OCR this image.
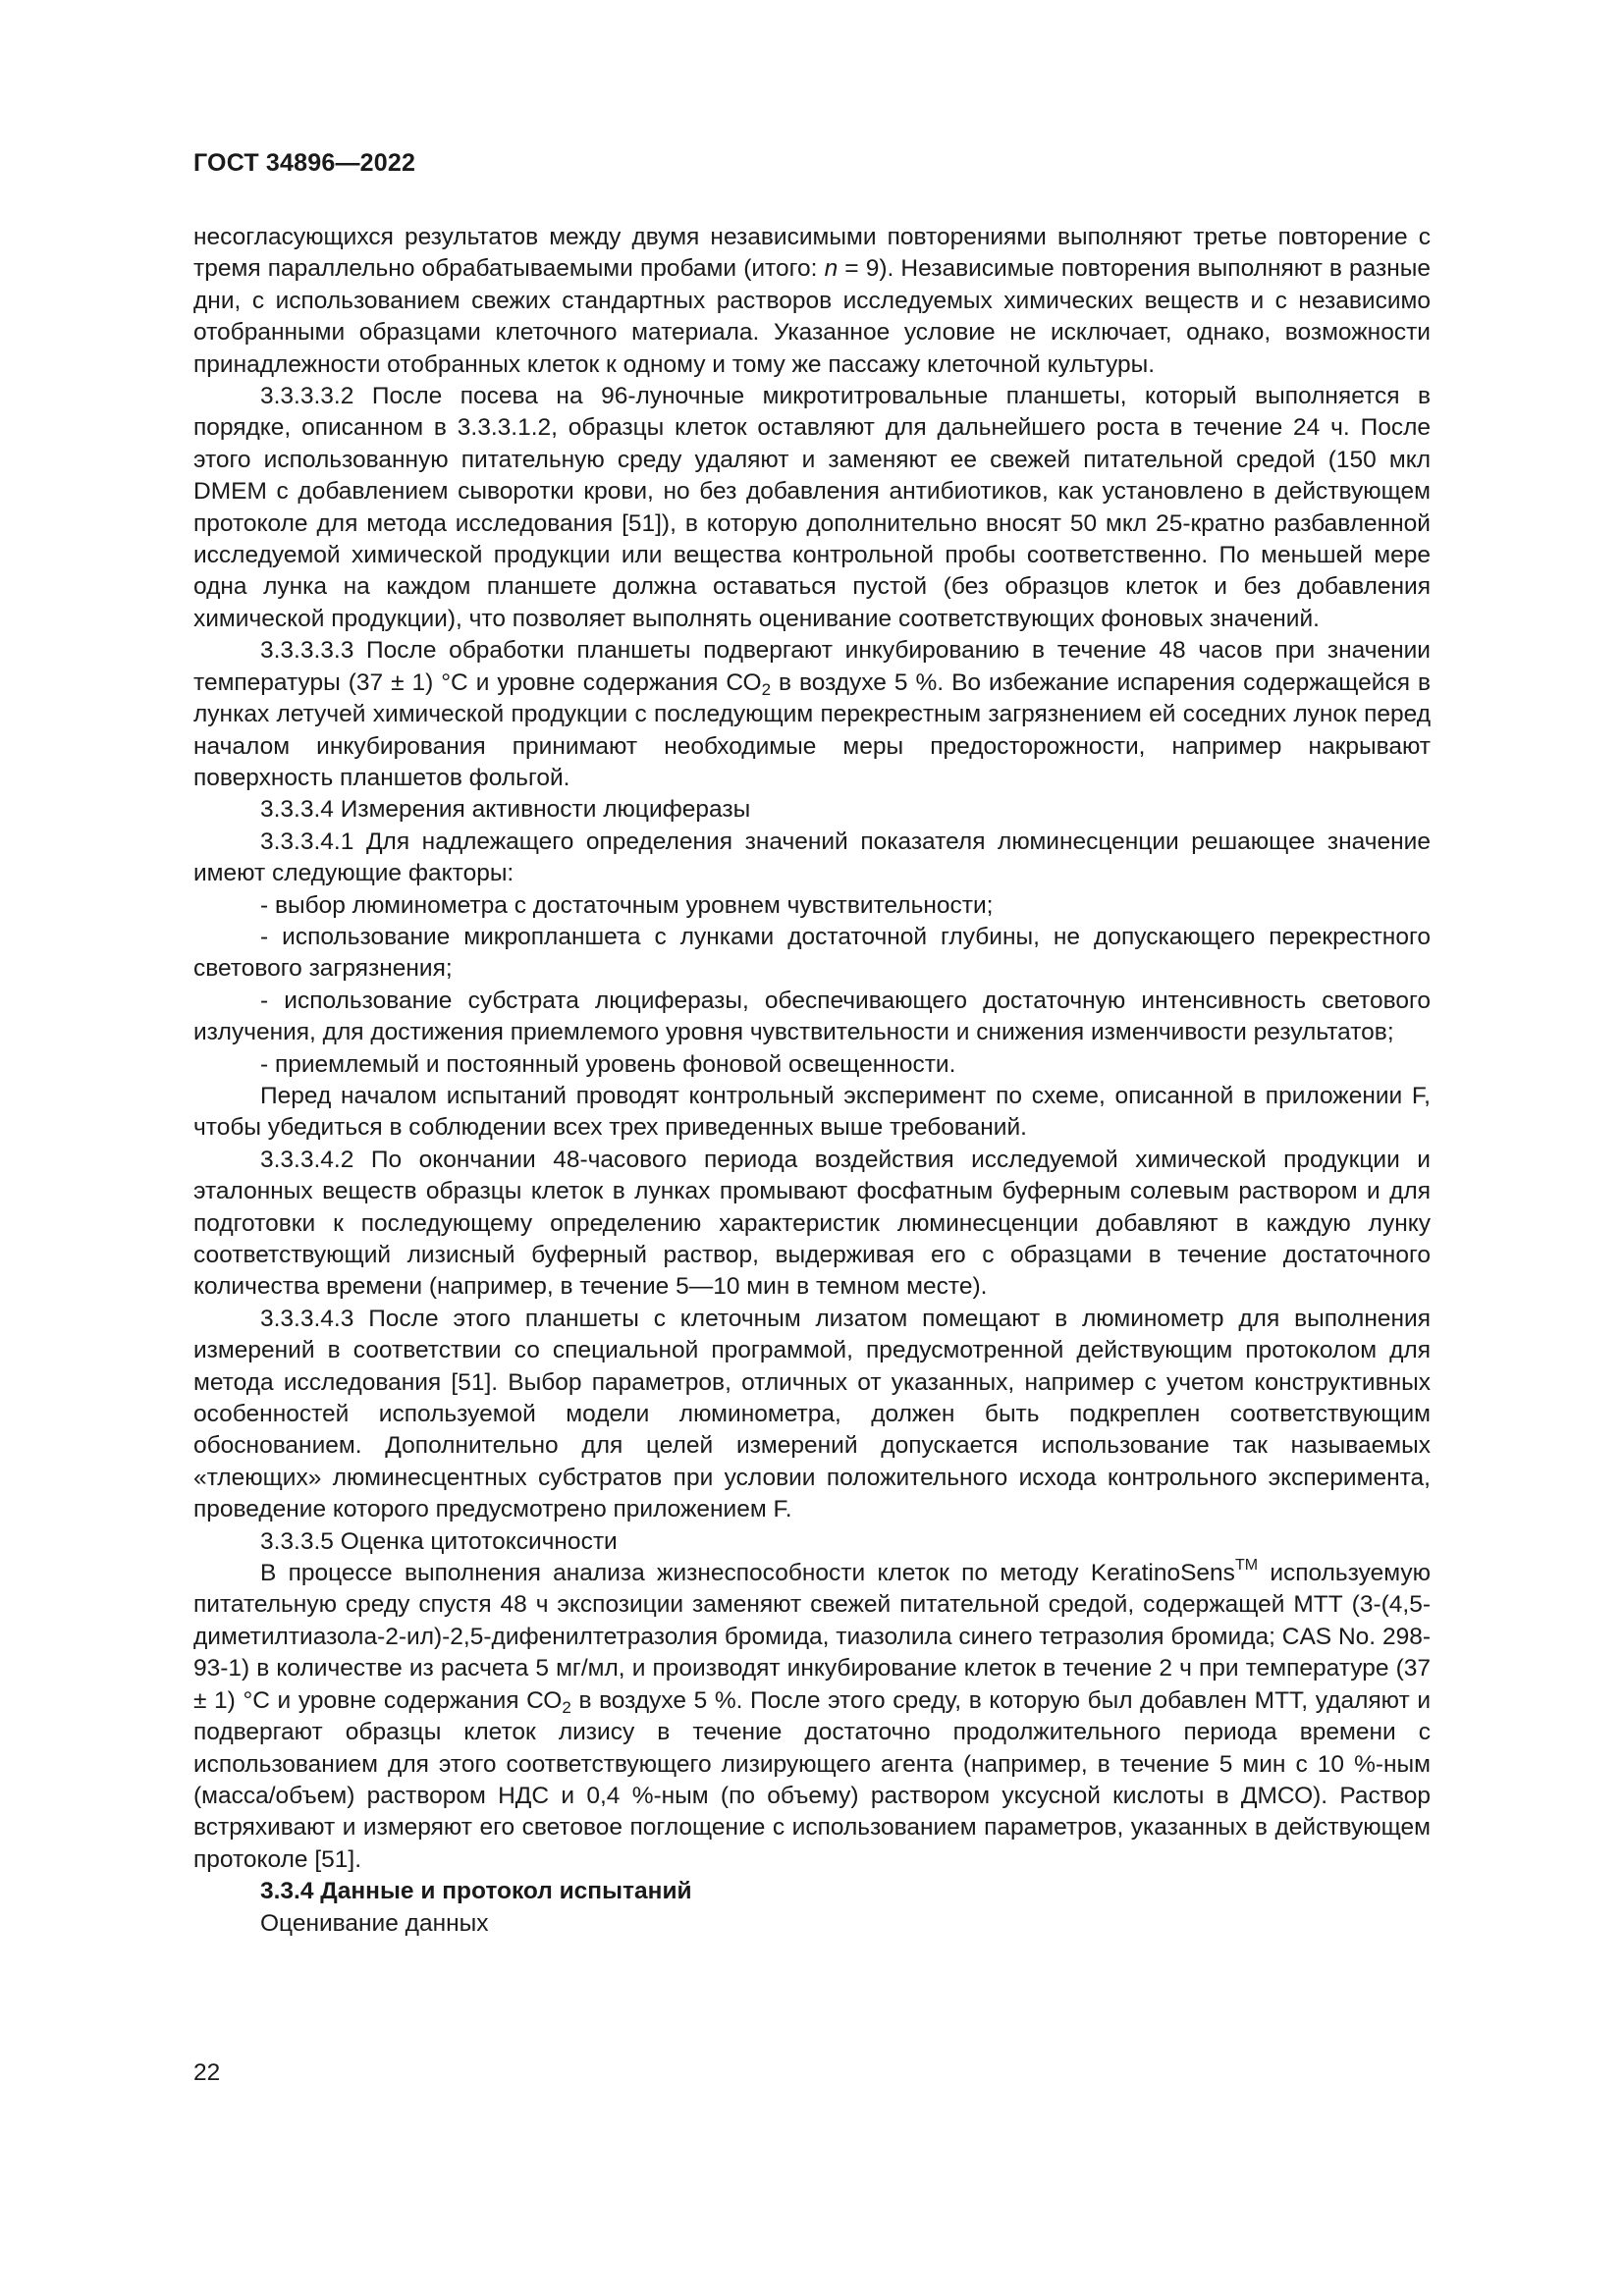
ГОСТ 34896—2022

несогласующихся результатов между двумя независимыми повторениями выполняют третье повторение с тремя параллельно обрабатываемыми пробами (итого: n = 9). Независимые повторения выполняют в разные дни, с использованием свежих стандартных растворов исследуемых химических веществ и с независимо отобранными образцами клеточного материала. Указанное условие не исключает, однако, возможности принадлежности отобранных клеток к одному и тому же пассажу клеточной культуры.

3.3.3.3.2 После посева на 96-луночные микротитровальные планшеты, который выполняется в порядке, описанном в 3.3.3.1.2, образцы клеток оставляют для дальнейшего роста в течение 24 ч. После этого использованную питательную среду удаляют и заменяют ее свежей питательной средой (150 мкл DMEM с добавлением сыворотки крови, но без добавления антибиотиков, как установлено в действующем протоколе для метода исследования [51]), в которую дополнительно вносят 50 мкл 25-кратно разбавленной исследуемой химической продукции или вещества контрольной пробы соответственно. По меньшей мере одна лунка на каждом планшете должна оставаться пустой (без образцов клеток и без добавления химической продукции), что позволяет выполнять оценивание соответствующих фоновых значений.

3.3.3.3.3 После обработки планшеты подвергают инкубированию в течение 48 часов при значении температуры (37 ± 1) °С и уровне содержания $СО_2$ в воздухе 5 %. Во избежание испарения содержащейся в лунках летучей химической продукции с последующим перекрестным загрязнением ей соседних лунок перед началом инкубирования принимают необходимые меры предосторожности, например накрывают поверхность планшетов фольгой.

3.3.3.4 Измерения активности люциферазы

3.3.3.4.1 Для надлежащего определения значений показателя люминесценции решающее значение имеют следующие факторы:

- выбор люминометра с достаточным уровнем чувствительности;

- использование микропланшета с лунками достаточной глубины, не допускающего перекрестного светового загрязнения;

- использование субстрата люциферазы, обеспечивающего достаточную интенсивность светового излучения, для достижения приемлемого уровня чувствительности и снижения изменчивости результатов;

- приемлемый и постоянный уровень фоновой освещенности.

Перед началом испытаний проводят контрольный эксперимент по схеме, описанной в приложении F, чтобы убедиться в соблюдении всех трех приведенных выше требований.

3.3.3.4.2 По окончании 48-часового периода воздействия исследуемой химической продукции и эталонных веществ образцы клеток в лунках промывают фосфатным буферным солевым раствором и для подготовки к последующему определению характеристик люминесценции добавляют в каждую лунку соответствующий лизисный буферный раствор, выдерживая его с образцами в течение достаточного количества времени (например, в течение 5—10 мин в темном месте).

3.3.3.4.3 После этого планшеты с клеточным лизатом помещают в люминометр для выполнения измерений в соответствии со специальной программой, предусмотренной действующим протоколом для метода исследования [51]. Выбор параметров, отличных от указанных, например с учетом конструктивных особенностей используемой модели люминометра, должен быть подкреплен соответствующим обоснованием. Дополнительно для целей измерений допускается использование так называемых «тлеющих» люминесцентных субстратов при условии положительного исхода контрольного эксперимента, проведение которого предусмотрено приложением F.

3.3.3.5 Оценка цитотоксичности

В процессе выполнения анализа жизнеспособности клеток по методу KeratinoSens™ используемую питательную среду спустя 48 ч экспозиции заменяют свежей питательной средой, содержащей МТТ (3-(4,5-диметилтиазола-2-ил)-2,5-дифенилтетразолия бромида, тиазолила синего тетразолия бромида; CAS No. 298-93-1) в количестве из расчета 5 мг/мл, и производят инкубирование клеток в течение 2 ч при температуре (37 ± 1) °С и уровне содержания $СО_2$ в воздухе 5 %. После этого среду, в которую был добавлен МТТ, удаляют и подвергают образцы клеток лизису в течение достаточно продолжительного периода времени с использованием для этого соответствующего лизирующего агента (например, в течение 5 мин с 10 %-ным (масса/объем) раствором НДС и 0,4 %-ным (по объему) раствором уксусной кислоты в ДМСО). Раствор встряхивают и измеряют его световое поглощение с использованием параметров, указанных в действующем протоколе [51].

3.3.4 Данные и протокол испытаний

Оценивание данных

22
